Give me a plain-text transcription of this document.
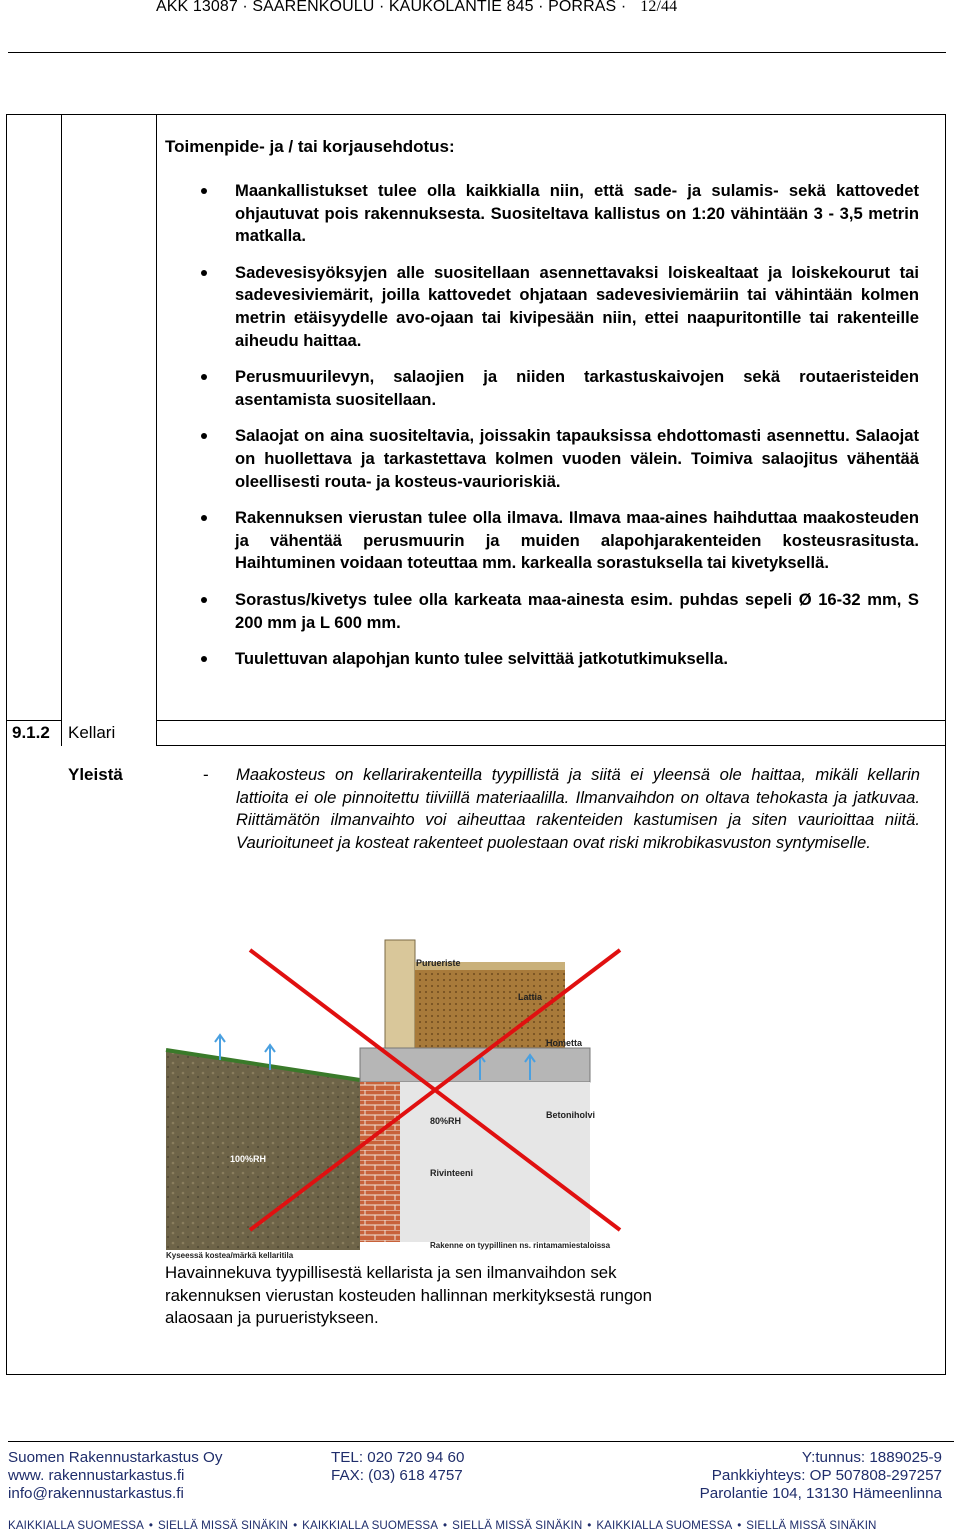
AKK 13087 · SAARENKOULU · KAUKOLANTIE 845 · PORRAS · 12/44
Toimenpide- ja / tai korjausehdotus:
Maankallistukset tulee olla kaikkialla niin, että sade- ja sulamis- sekä kattovedet ohjautuvat pois rakennuksesta. Suositeltava kallistus on 1:20 vähintään 3 - 3,5 metrin matkalla.
Sadevesisyöksyjen alle suositellaan asennettavaksi loiskealtaat ja loiskekourut tai sadevesiviemärit, joilla kattovedet ohjataan sadevesiviemäriin tai vähintään kolmen metrin etäisyydelle avo-ojaan tai kivipesään niin, ettei naapuritontille tai rakenteille aiheudu haittaa.
Perusmuurilevyn, salaojien ja niiden tarkastuskaivojen sekä routaeristeiden asentamista suositellaan.
Salaojat on aina suositeltavia, joissakin tapauksissa ehdottomasti asennettu. Salaojat on huollettava ja tarkastettava kolmen vuoden välein. Toimiva salaojitus vähentää oleellisesti routa- ja kosteus-vaurioriskiä.
Rakennuksen vierustan tulee olla ilmava. Ilmava maa-aines haihduttaa maakosteuden ja vähentää perusmuurin ja muiden alapohjarakenteiden kosteusrasitusta. Haihtuminen voidaan toteuttaa mm. karkealla sorastuksella tai kivetyksellä.
Sorastus/kivetys tulee olla karkeata maa-ainesta esim. puhdas sepeli Ø 16-32 mm, S 200 mm ja L 600 mm.
Tuulettuvan alapohjan kunto tulee selvittää jatkotutkimuksella.
9.1.2 Kellari
Yleistä	- Maakosteus on kellarirakenteilla tyypillistä ja siitä ei yleensä ole haittaa, mikäli kellarin lattioita ei ole pinnoitettu tiiviillä materiaalilla. Ilmanvaihdon on oltava tehokasta ja jatkuvaa. Riittämätön ilmanvaihto voi aiheuttaa rakenteiden kastumisen ja siten vaurioittaa niitä. Vaurioituneet ja kosteat rakenteet puolestaan ovat riski mikrobikasvuston syntymiselle.
Purueriste
Lattia
Hometta
Betoniholvi
80%RH
100%RH
Rivinteeni
Kyseessä kostea/märkä kellaritila
Rakenne on tyypillinen ns. rintamamiestaloissa
Havainnekuva tyypillisestä kellarista ja sen ilmanvaihdon sek rakennuksen vierustan kosteuden hallinnan merkityksestä rungon alaosaan ja purueristykseen.
Suomen Rakennustarkastus Oy
www. rakennustarkastus.fi
info@rakennustarkastus.fi
TEL: 020 720 94 60
FAX: (03) 618 4757
Y:tunnus: 1889025-9
Pankkiyhteys: OP 507808-297257
Parolantie 104, 13130 Hämeenlinna
KAIKKIALLA SUOMESSA • SIELLÄ MISSÄ SINÄKIN • KAIKKIALLA SUOMESSA • SIELLÄ MISSÄ SINÄKIN • KAIKKIALLA SUOMESSA • SIELLÄ MISSÄ SINÄKIN
